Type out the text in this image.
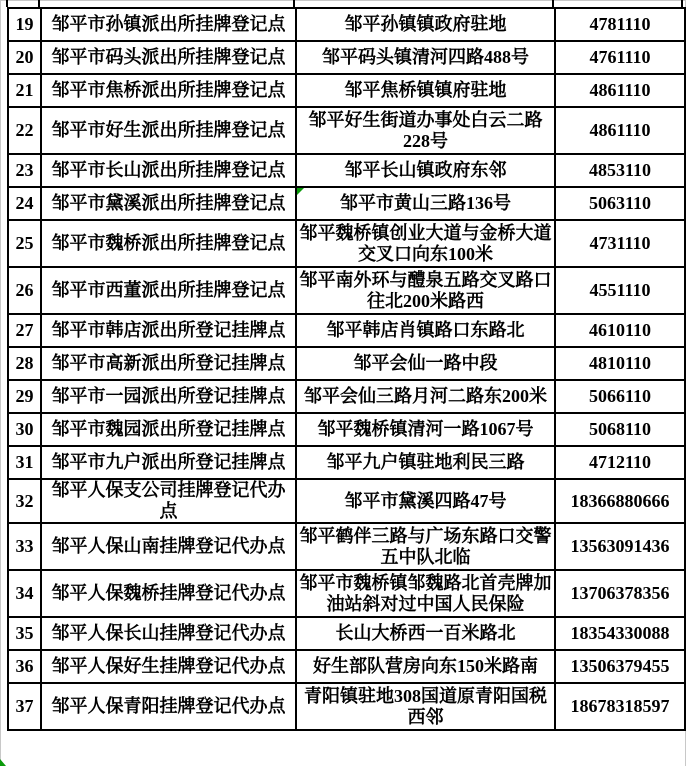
19	邹平市孙镇派出所挂牌登记点	邹平孙镇镇政府驻地	4781110
20	邹平市码头派出所挂牌登记点	邹平码头镇清河四路488号	4761110
21	邹平市焦桥派出所挂牌登记点	邹平焦桥镇镇府驻地	4861110
22	邹平市好生派出所挂牌登记点	邹平好生街道办事处白云二路228号	4861110
23	邹平市长山派出所挂牌登记点	邹平长山镇政府东邻	4853110
24	邹平市黛溪派出所挂牌登记点	邹平市黄山三路136号	5063110
25	邹平市魏桥派出所挂牌登记点	邹平魏桥镇创业大道与金桥大道交叉口向东100米	4731110
26	邹平市西董派出所挂牌登记点	邹平南外环与醴泉五路交叉路口往北200米路西	4551110
27	邹平市韩店派出所登记挂牌点	邹平韩店肖镇路口东路北	4610110
28	邹平市高新派出所登记挂牌点	邹平会仙一路中段	4810110
29	邹平市一园派出所登记挂牌点	邹平会仙三路月河二路东200米	5066110
30	邹平市魏园派出所登记挂牌点	邹平魏桥镇清河一路1067号	5068110
31	邹平市九户派出所登记挂牌点	邹平九户镇驻地利民三路	4712110
32	邹平人保支公司挂牌登记代办点	邹平市黛溪四路47号	18366880666
33	邹平人保山南挂牌登记代办点	邹平鹤伴三路与广场东路口交警五中队北临	13563091436
34	邹平人保魏桥挂牌登记代办点	邹平市魏桥镇邹魏路北首壳牌加油站斜对过中国人民保险	13706378356
35	邹平人保长山挂牌登记代办点	长山大桥西一百米路北	18354330088
36	邹平人保好生挂牌登记代办点	好生部队营房向东150米路南	13506379455
37	邹平人保青阳挂牌登记代办点	青阳镇驻地308国道原青阳国税西邻	18678318597
